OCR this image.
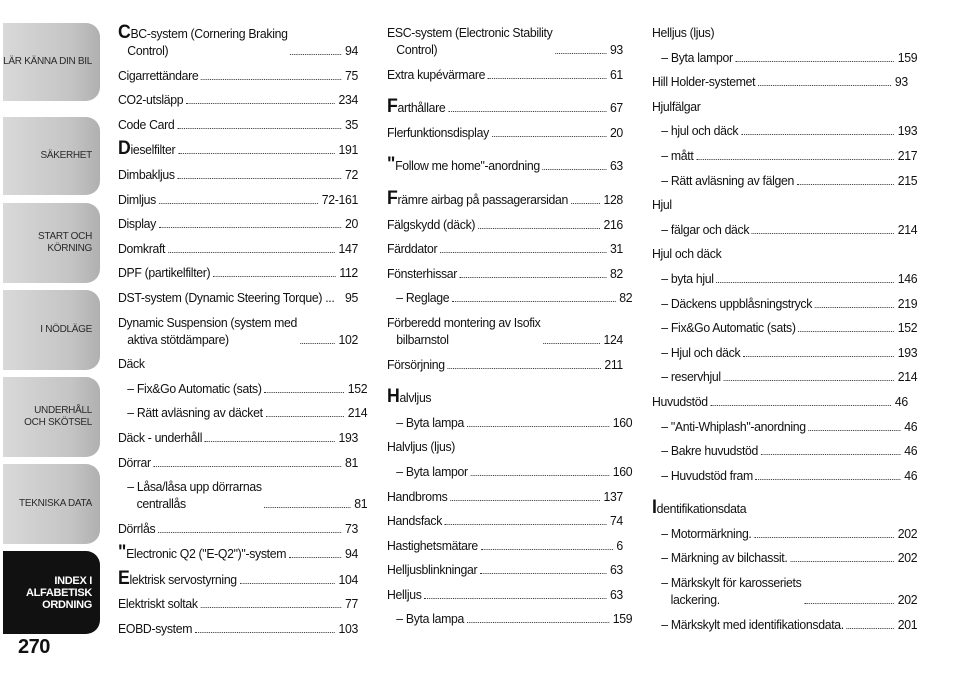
LÄR KÄNNA DIN BIL
SÄKERHET
START OCH KÖRNING
I NÖDLÄGE
UNDERHÅLL OCH SKÖTSEL
TEKNISKA DATA
INDEX I ALFABETISK ORDNING
270
CBC-system (Cornering Braking
Control)	94
Cigarrettändare	75
CO2-utsläpp	234
Code Card	35
Dieselfilter	191
Dimbakljus	72
Dimljus	72-161
Display	20
Domkraft	147
DPF (partikelfilter)	112
DST-system (Dynamic Steering Torque) ... 95
Dynamic Suspension (system med
aktiva stötdämpare)	102
Däck
– Fix&Go Automatic (sats)	152
– Rätt avläsning av däcket	214
Däck - underhåll	193
Dörrar	81
– Låsa/låsa upp dörrarnas
centrallås	81
Dörrlås	73
"Electronic Q2 ("E-Q2")"-system	94
Elektrisk servostyrning	104
Elektriskt soltak	77
EOBD-system	103
ESC-system (Electronic Stability
Control)	93
Extra kupévärmare	61
Farthållare	67
Flerfunktionsdisplay	20
"Follow me home"-anordning	63
Främre airbag på passagerarsidan	128
Fälgskydd (däck)	216
Färddator	31
Fönsterhissar	82
– Reglage	82
Förberedd montering av Isofix
bilbarnstol	124
Försörjning	211
Halvljus
– Byta lampa	160
Halvljus (ljus)
– Byta lampor	160
Handbroms	137
Handsfack	74
Hastighetsmätare	6
Helljusblinkningar	63
Helljus	63
– Byta lampa	159
Helljus (ljus)
– Byta lampor	159
Hill Holder-systemet	93
Hjulfälgar
– hjul och däck	193
– mått	217
– Rätt avläsning av fälgen	215
Hjul
– fälgar och däck	214
Hjul och däck
– byta hjul	146
– Däckens uppblåsningstryck	219
– Fix&Go Automatic (sats)	152
– Hjul och däck	193
– reservhjul	214
Huvudstöd	46
– "Anti-Whiplash"-anordning	46
– Bakre huvudstöd	46
– Huvudstöd fram	46
Identifikationsdata
– Motormärkning.	202
– Märkning av bilchassit.	202
– Märkskylt för karosseriets
lackering.	202
– Märkskylt med identifikationsdata.	201
